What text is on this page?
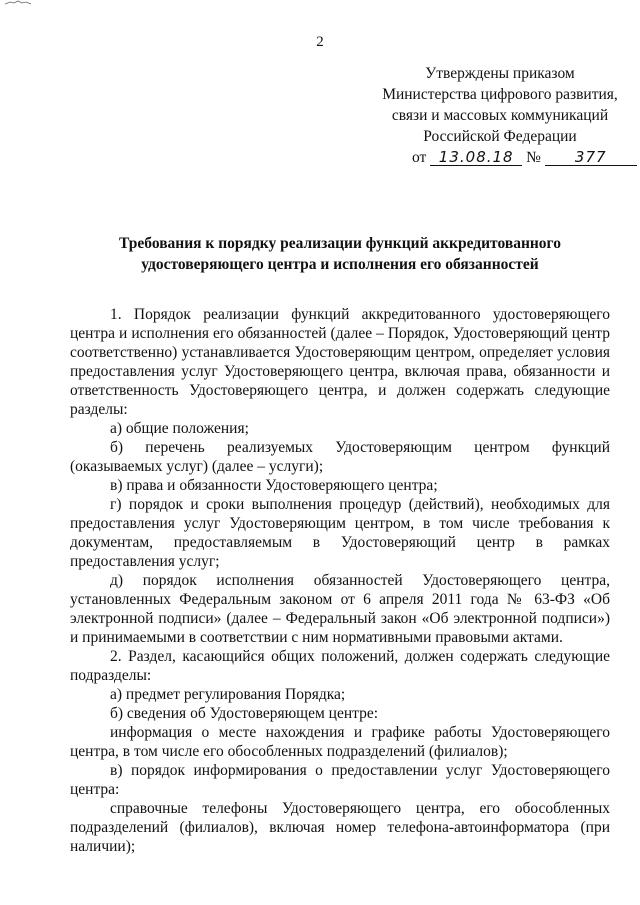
2
Утверждены приказом
Министерства цифрового развития,
связи и массовых коммуникаций
Российской Федерации
от 13.08.18 № 377
Требования к порядку реализации функций аккредитованного
удостоверяющего центра и исполнения его обязанностей

1. Порядок реализации функций аккредитованного удостоверяющего центра и исполнения его обязанностей (далее – Порядок, Удостоверяющий центр соответственно) устанавливается Удостоверяющим центром, определяет условия предоставления услуг Удостоверяющего центра, включая права, обязанности и ответственность Удостоверяющего центра, и должен содержать следующие разделы:

а) общие положения;

б) перечень реализуемых Удостоверяющим центром функций (оказываемых услуг) (далее – услуги);

в) права и обязанности Удостоверяющего центра;

г) порядок и сроки выполнения процедур (действий), необходимых для предоставления услуг Удостоверяющим центром, в том числе требования к документам, предоставляемым в Удостоверяющий центр в рамках предоставления услуг;

д) порядок исполнения обязанностей Удостоверяющего центра, установленных Федеральным законом от 6 апреля 2011 года № 63-ФЗ «Об электронной подписи» (далее – Федеральный закон «Об электронной подписи») и принимаемыми в соответствии с ним нормативными правовыми актами.

2. Раздел, касающийся общих положений, должен содержать следующие подразделы:

а) предмет регулирования Порядка;

б) сведения об Удостоверяющем центре:

информация о месте нахождения и графике работы Удостоверяющего центра, в том числе его обособленных подразделений (филиалов);

в) порядок информирования о предоставлении услуг Удостоверяющего центра:

справочные телефоны Удостоверяющего центра, его обособленных подразделений (филиалов), включая номер телефона-автоинформатора (при наличии);
